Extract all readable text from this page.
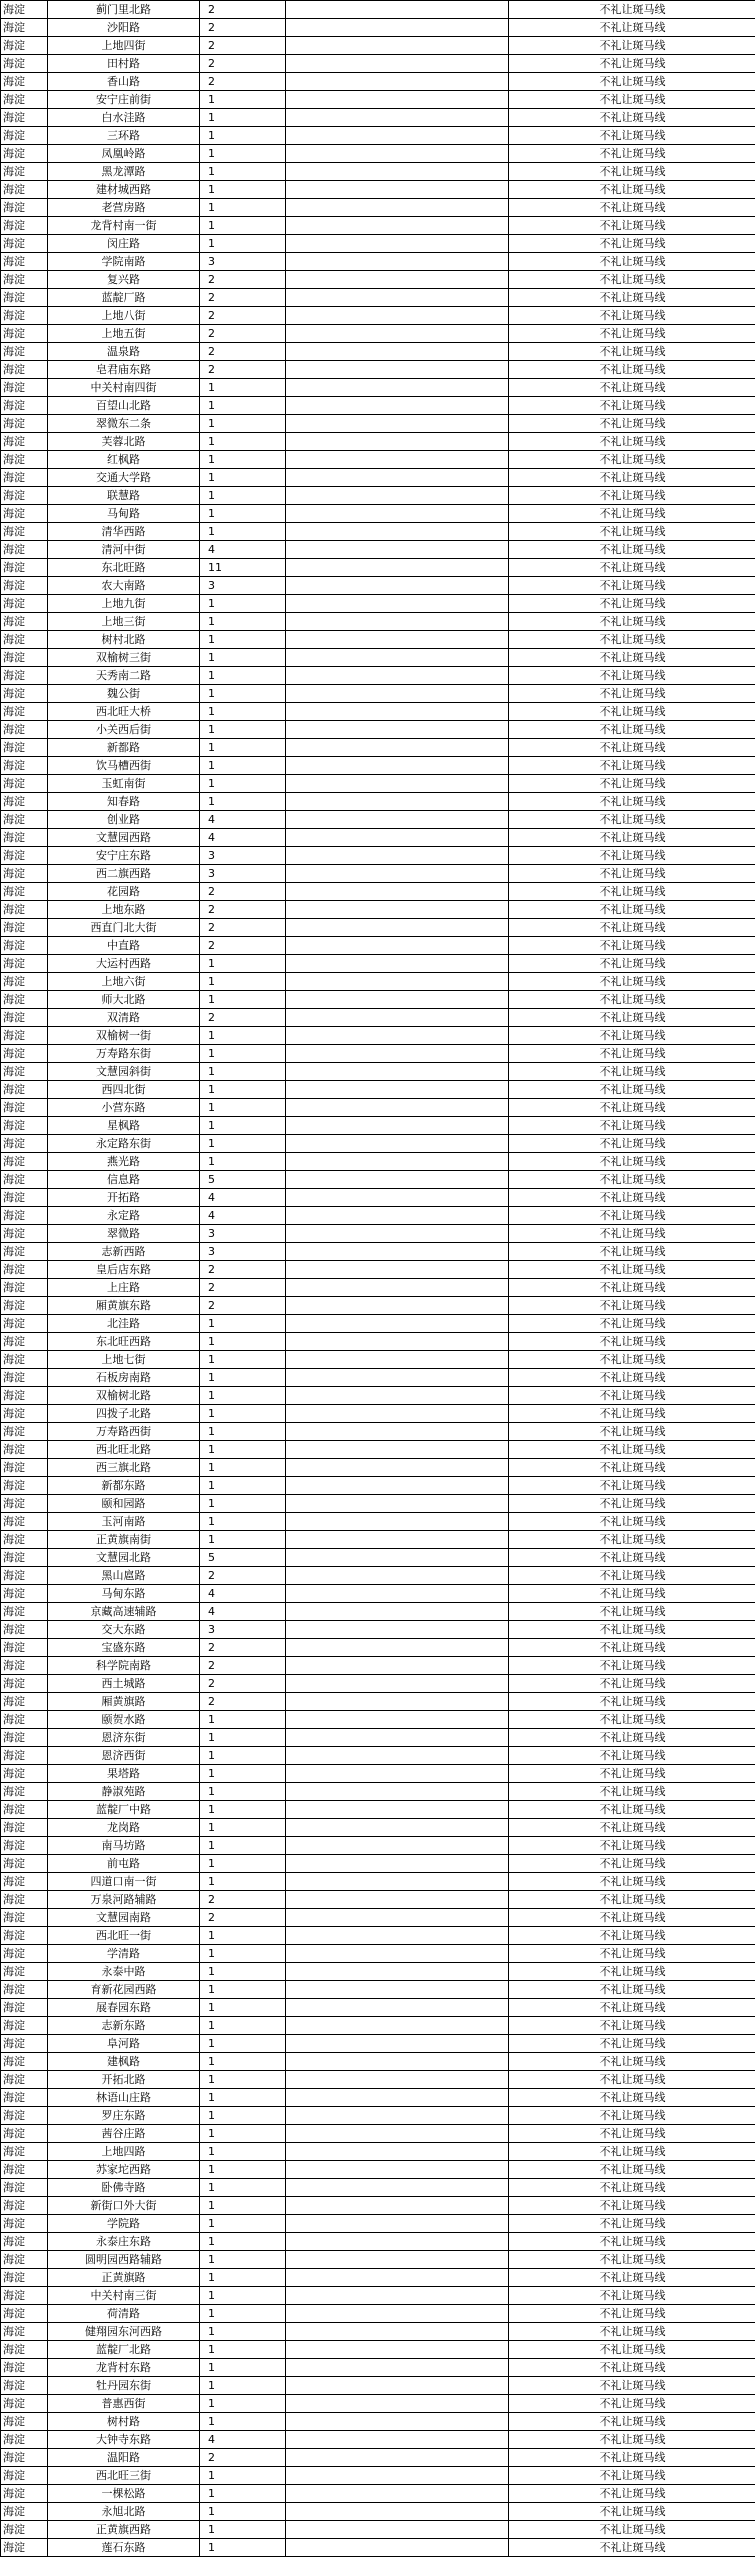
海淀	蓟门里北路	2		不礼让斑马线
海淀	沙阳路	2		不礼让斑马线
海淀	上地四街	2		不礼让斑马线
海淀	田村路	2		不礼让斑马线
海淀	香山路	2		不礼让斑马线
海淀	安宁庄前街	1		不礼让斑马线
海淀	白水洼路	1		不礼让斑马线
海淀	三环路	1		不礼让斑马线
海淀	凤凰岭路	1		不礼让斑马线
海淀	黑龙潭路	1		不礼让斑马线
海淀	建材城西路	1		不礼让斑马线
海淀	老营房路	1		不礼让斑马线
海淀	龙背村南一街	1		不礼让斑马线
海淀	闵庄路	1		不礼让斑马线
海淀	学院南路	3		不礼让斑马线
海淀	复兴路	2		不礼让斑马线
海淀	蓝靛厂路	2		不礼让斑马线
海淀	上地八街	2		不礼让斑马线
海淀	上地五街	2		不礼让斑马线
海淀	温泉路	2		不礼让斑马线
海淀	皂君庙东路	2		不礼让斑马线
海淀	中关村南四街	1		不礼让斑马线
海淀	百望山北路	1		不礼让斑马线
海淀	翠微东二条	1		不礼让斑马线
海淀	芙蓉北路	1		不礼让斑马线
海淀	红枫路	1		不礼让斑马线
海淀	交通大学路	1		不礼让斑马线
海淀	联慧路	1		不礼让斑马线
海淀	马甸路	1		不礼让斑马线
海淀	清华西路	1		不礼让斑马线
海淀	清河中街	4		不礼让斑马线
海淀	东北旺路	11		不礼让斑马线
海淀	农大南路	3		不礼让斑马线
海淀	上地九街	1		不礼让斑马线
海淀	上地三街	1		不礼让斑马线
海淀	树村北路	1		不礼让斑马线
海淀	双榆树三街	1		不礼让斑马线
海淀	天秀南二路	1		不礼让斑马线
海淀	魏公街	1		不礼让斑马线
海淀	西北旺大桥	1		不礼让斑马线
海淀	小关西后街	1		不礼让斑马线
海淀	新都路	1		不礼让斑马线
海淀	饮马槽西街	1		不礼让斑马线
海淀	玉虹南街	1		不礼让斑马线
海淀	知春路	1		不礼让斑马线
海淀	创业路	4		不礼让斑马线
海淀	文慧园西路	4		不礼让斑马线
海淀	安宁庄东路	3		不礼让斑马线
海淀	西二旗西路	3		不礼让斑马线
海淀	花园路	2		不礼让斑马线
海淀	上地东路	2		不礼让斑马线
海淀	西直门北大街	2		不礼让斑马线
海淀	中直路	2		不礼让斑马线
海淀	大运村西路	1		不礼让斑马线
海淀	上地六街	1		不礼让斑马线
海淀	师大北路	1		不礼让斑马线
海淀	双清路	2		不礼让斑马线
海淀	双榆树一街	1		不礼让斑马线
海淀	万寿路东街	1		不礼让斑马线
海淀	文慧园斜街	1		不礼让斑马线
海淀	西四北街	1		不礼让斑马线
海淀	小营东路	1		不礼让斑马线
海淀	星枫路	1		不礼让斑马线
海淀	永定路东街	1		不礼让斑马线
海淀	燕光路	1		不礼让斑马线
海淀	信息路	5		不礼让斑马线
海淀	开拓路	4		不礼让斑马线
海淀	永定路	4		不礼让斑马线
海淀	翠微路	3		不礼让斑马线
海淀	志新西路	3		不礼让斑马线
海淀	皇后店东路	2		不礼让斑马线
海淀	上庄路	2		不礼让斑马线
海淀	厢黄旗东路	2		不礼让斑马线
海淀	北洼路	1		不礼让斑马线
海淀	东北旺西路	1		不礼让斑马线
海淀	上地七街	1		不礼让斑马线
海淀	石板房南路	1		不礼让斑马线
海淀	双榆树北路	1		不礼让斑马线
海淀	四拨子北路	1		不礼让斑马线
海淀	万寿路西街	1		不礼让斑马线
海淀	西北旺北路	1		不礼让斑马线
海淀	西三旗北路	1		不礼让斑马线
海淀	新都东路	1		不礼让斑马线
海淀	颐和园路	1		不礼让斑马线
海淀	玉河南路	1		不礼让斑马线
海淀	正黄旗南街	1		不礼让斑马线
海淀	文慧园北路	5		不礼让斑马线
海淀	黑山扈路	2		不礼让斑马线
海淀	马甸东路	4		不礼让斑马线
海淀	京藏高速辅路	4		不礼让斑马线
海淀	交大东路	3		不礼让斑马线
海淀	宝盛东路	2		不礼让斑马线
海淀	科学院南路	2		不礼让斑马线
海淀	西土城路	2		不礼让斑马线
海淀	厢黄旗路	2		不礼让斑马线
海淀	颐贺水路	1		不礼让斑马线
海淀	恩济东街	1		不礼让斑马线
海淀	恩济西街	1		不礼让斑马线
海淀	果塔路	1		不礼让斑马线
海淀	静淑苑路	1		不礼让斑马线
海淀	蓝靛厂中路	1		不礼让斑马线
海淀	龙岗路	1		不礼让斑马线
海淀	南马坊路	1		不礼让斑马线
海淀	前屯路	1		不礼让斑马线
海淀	四道口南一街	1		不礼让斑马线
海淀	万泉河路辅路	2		不礼让斑马线
海淀	文慧园南路	2		不礼让斑马线
海淀	西北旺一街	1		不礼让斑马线
海淀	学清路	1		不礼让斑马线
海淀	永泰中路	1		不礼让斑马线
海淀	育新花园西路	1		不礼让斑马线
海淀	展春园东路	1		不礼让斑马线
海淀	志新东路	1		不礼让斑马线
海淀	阜河路	1		不礼让斑马线
海淀	建枫路	1		不礼让斑马线
海淀	开拓北路	1		不礼让斑马线
海淀	林语山庄路	1		不礼让斑马线
海淀	罗庄东路	1		不礼让斑马线
海淀	茜谷庄路	1		不礼让斑马线
海淀	上地四路	1		不礼让斑马线
海淀	苏家坨西路	1		不礼让斑马线
海淀	卧佛寺路	1		不礼让斑马线
海淀	新街口外大街	1		不礼让斑马线
海淀	学院路	1		不礼让斑马线
海淀	永泰庄东路	1		不礼让斑马线
海淀	圆明园西路辅路	1		不礼让斑马线
海淀	正黄旗路	1		不礼让斑马线
海淀	中关村南三街	1		不礼让斑马线
海淀	荷清路	1		不礼让斑马线
海淀	健翔园东河西路	1		不礼让斑马线
海淀	蓝靛厂北路	1		不礼让斑马线
海淀	龙背村东路	1		不礼让斑马线
海淀	牡丹园东街	1		不礼让斑马线
海淀	普惠西街	1		不礼让斑马线
海淀	树村路	1		不礼让斑马线
海淀	大钟寺东路	4		不礼让斑马线
海淀	温阳路	2		不礼让斑马线
海淀	西北旺三街	1		不礼让斑马线
海淀	一棵松路	1		不礼让斑马线
海淀	永旭北路	1		不礼让斑马线
海淀	正黄旗西路	1		不礼让斑马线
海淀	莲石东路	1		不礼让斑马线
